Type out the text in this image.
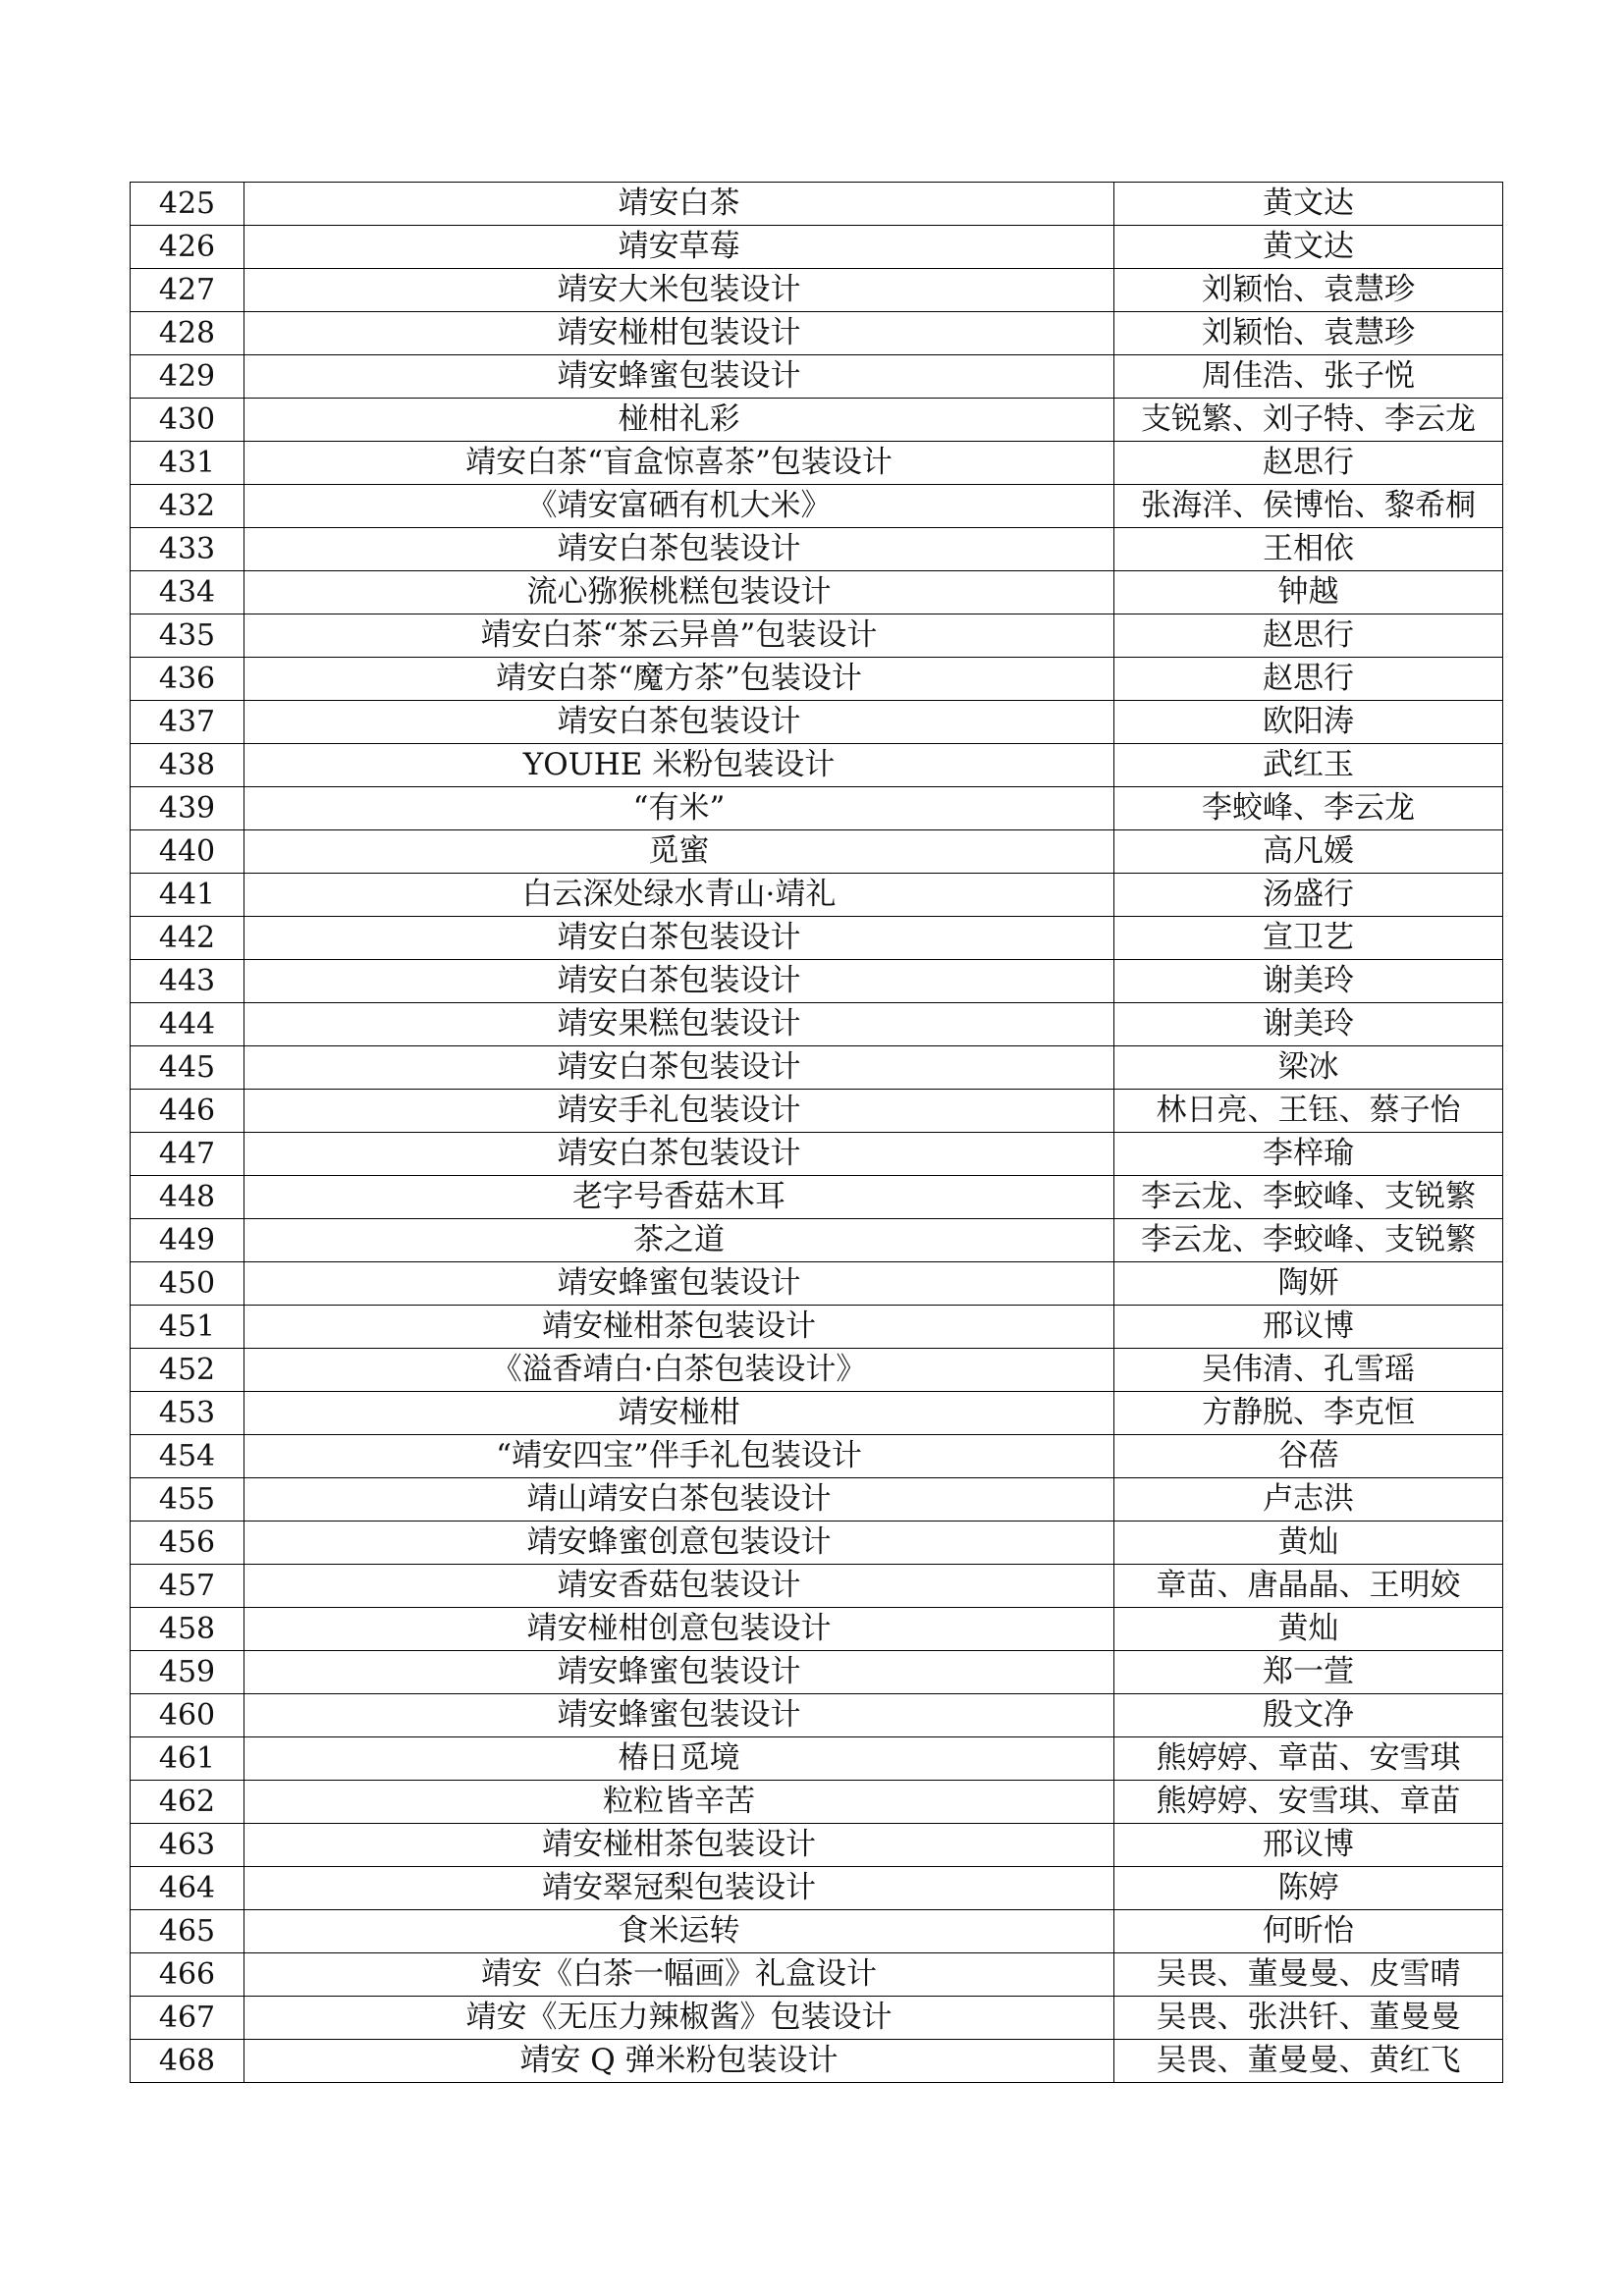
425	靖安白茶	黄文达
426	靖安草莓	黄文达
427	靖安大米包装设计	刘颖怡、袁慧珍
428	靖安椪柑包装设计	刘颖怡、袁慧珍
429	靖安蜂蜜包装设计	周佳浩、张子悦
430	椪柑礼彩	支锐繁、刘子特、李云龙
431	靖安白茶“盲盒惊喜茶”包装设计	赵思行
432	《靖安富硒有机大米》	张海洋、侯博怡、黎希桐
433	靖安白茶包装设计	王相依
434	流心猕猴桃糕包装设计	钟越
435	靖安白茶“茶云异兽”包装设计	赵思行
436	靖安白茶“魔方茶”包装设计	赵思行
437	靖安白茶包装设计	欧阳涛
438	YOUHE 米粉包装设计	武红玉
439	“有米”	李蛟峰、李云龙
440	觅蜜	高凡媛
441	白云深处绿水青山·靖礼	汤盛行
442	靖安白茶包装设计	宣卫艺
443	靖安白茶包装设计	谢美玲
444	靖安果糕包装设计	谢美玲
445	靖安白茶包装设计	梁冰
446	靖安手礼包装设计	林日亮、王钰、蔡子怡
447	靖安白茶包装设计	李梓瑜
448	老字号香菇木耳	李云龙、李蛟峰、支锐繁
449	茶之道	李云龙、李蛟峰、支锐繁
450	靖安蜂蜜包装设计	陶妍
451	靖安椪柑茶包装设计	邢议博
452	《溢香靖白·白茶包装设计》	吴伟清、孔雪瑶
453	靖安椪柑	方静脱、李克恒
454	“靖安四宝”伴手礼包装设计	谷蓓
455	靖山靖安白茶包装设计	卢志洪
456	靖安蜂蜜创意包装设计	黄灿
457	靖安香菇包装设计	章苗、唐晶晶、王明姣
458	靖安椪柑创意包装设计	黄灿
459	靖安蜂蜜包装设计	郑一萱
460	靖安蜂蜜包装设计	殷文净
461	椿日觅境	熊婷婷、章苗、安雪琪
462	粒粒皆辛苦	熊婷婷、安雪琪、章苗
463	靖安椪柑茶包装设计	邢议博
464	靖安翠冠梨包装设计	陈婷
465	食米运转	何昕怡
466	靖安《白茶一幅画》礼盒设计	吴畏、董曼曼、皮雪晴
467	靖安《无压力辣椒酱》包装设计	吴畏、张洪钎、董曼曼
468	靖安 Q 弹米粉包装设计	吴畏、董曼曼、黄红飞
